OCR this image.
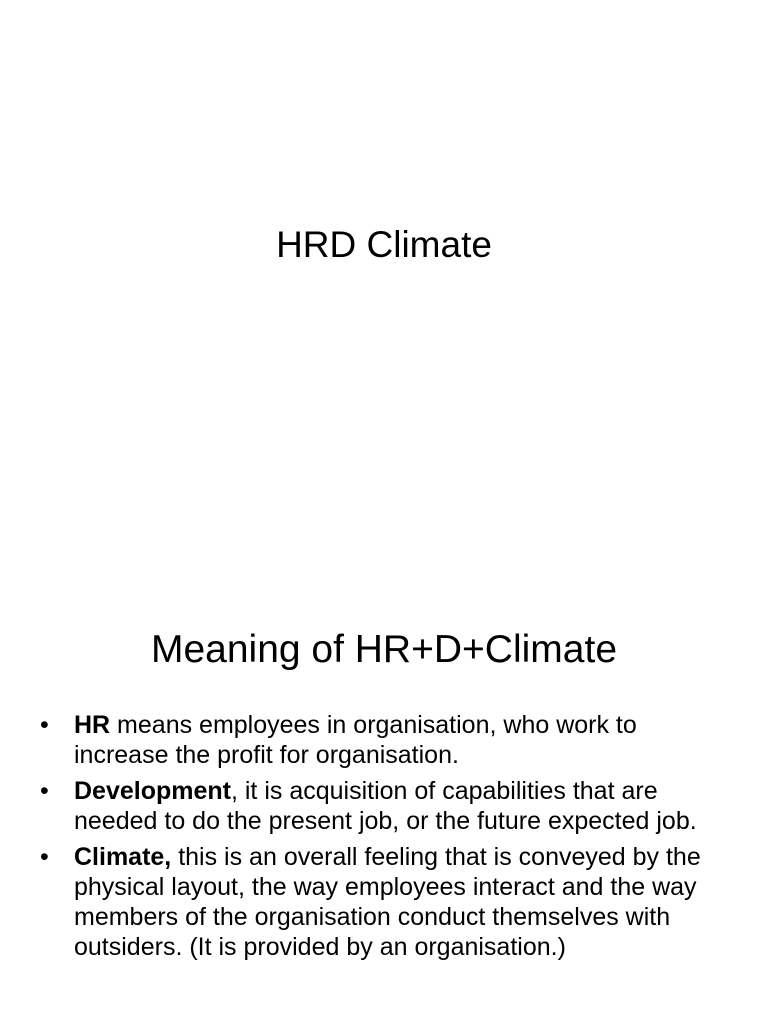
HRD Climate
Meaning of HR+D+Climate
• HR means employees in organisation, who work to increase the profit for organisation.
• Development, it is acquisition of capabilities that are needed to do the present job, or the future expected job.
• Climate, this is an overall feeling that is conveyed by the physical layout, the way employees interact and the way members of the organisation conduct themselves with outsiders. (It is provided by an organisation.)
